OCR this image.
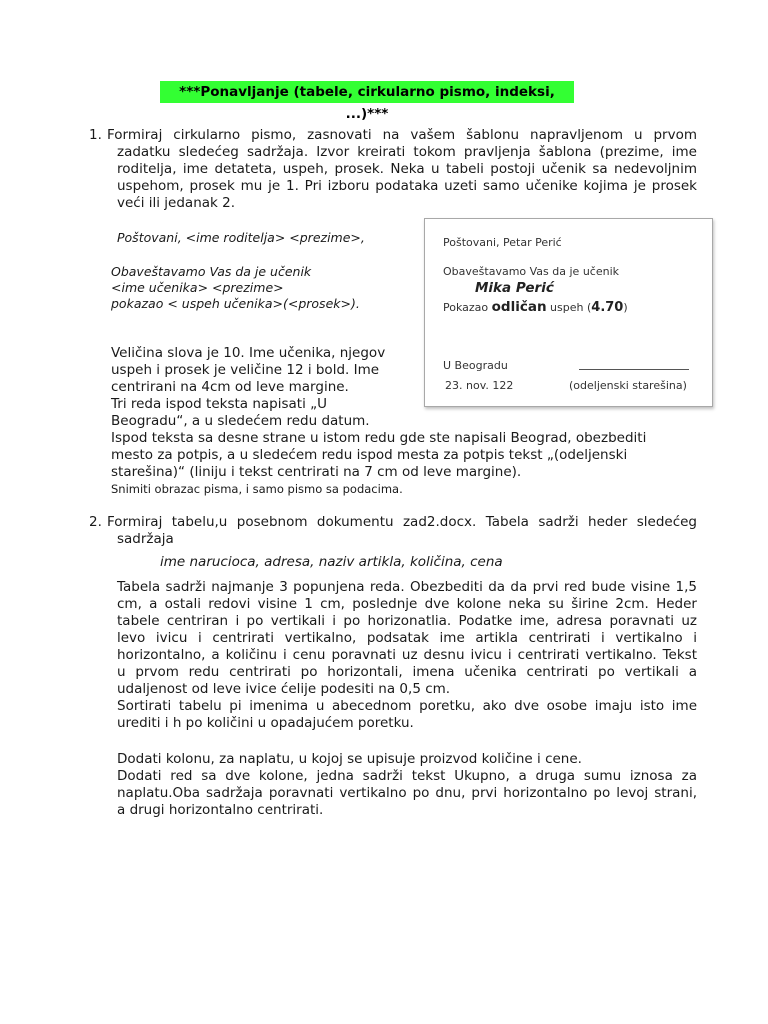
***Ponavljanje (tabele, cirkularno pismo, indeksi, ...)***
1. Formiraj cirkularno pismo, zasnovati na vašem šablonu napravljenom u prvom
zadatku sledećeg sadržaja. Izvor kreirati tokom pravljenja šablona (prezime, ime
roditelja, ime detateta, uspeh, prosek. Neka u tabeli postoji učenik sa nedevoljnim
uspehom, prosek mu je 1. Pri izboru podataka uzeti samo učenike kojima je prosek
veći ili jedanak 2.
Poštovani, <ime roditelja> <prezime>,
Obaveštavamo Vas da je učenik
<ime učenika> <prezime>
pokazao < uspeh učenika>(<prosek>).
Poštovani, Petar Perić
Obaveštavamo Vas da je učenik
Mika Perić
Pokazao odličan uspeh (4.70)
U Beogradu
23. nov. 122	(odeljenski starešina)
Veličina slova je 10. Ime učenika, njegov
uspeh i prosek je veličine 12 i bold. Ime
centrirani na 4cm od leve margine.
Tri reda ispod teksta napisati „U
Beogradu“, a u sledećem redu datum.
Ispod teksta sa desne strane u istom redu gde ste napisali Beograd, obezbediti
mesto za potpis, a u sledećem redu ispod mesta za potpis tekst „(odeljenski
starešina)“ (liniju i tekst centrirati na 7 cm od leve margine).
Snimiti obrazac pisma, i samo pismo sa podacima.
2. Formiraj tabelu,u posebnom dokumentu zad2.docx. Tabela sadrži heder sledećeg
sadržaja
ime narucioca, adresa, naziv artikla, količina, cena
Tabela sadrži najmanje 3 popunjena reda. Obezbediti da da prvi red bude visine 1,5
cm, a ostali redovi visine 1 cm, poslednje dve kolone neka su širine 2cm. Heder
tabele centriran i po vertikali i po horizonatlia. Podatke ime, adresa poravnati uz
levo ivicu i centrirati vertikalno, podsatak ime artikla centrirati i vertikalno i
horizontalno, a količinu i cenu poravnati uz desnu ivicu i centrirati vertikalno. Tekst
u prvom redu centrirati po horizontali, imena učenika centrirati po vertikali a
udaljenost od leve ivice ćelije podesiti na 0,5 cm.
Sortirati tabelu pi imenima u abecednom poretku, ako dve osobe imaju isto ime
urediti i h po količini u opadajućem poretku.
Dodati kolonu, za naplatu, u kojoj se upisuje proizvod količine i cene.
Dodati red sa dve kolone, jedna sadrži tekst Ukupno, a druga sumu iznosa za
naplatu.Oba sadržaja poravnati vertikalno po dnu, prvi horizontalno po levoj strani,
a drugi horizontalno centrirati.
